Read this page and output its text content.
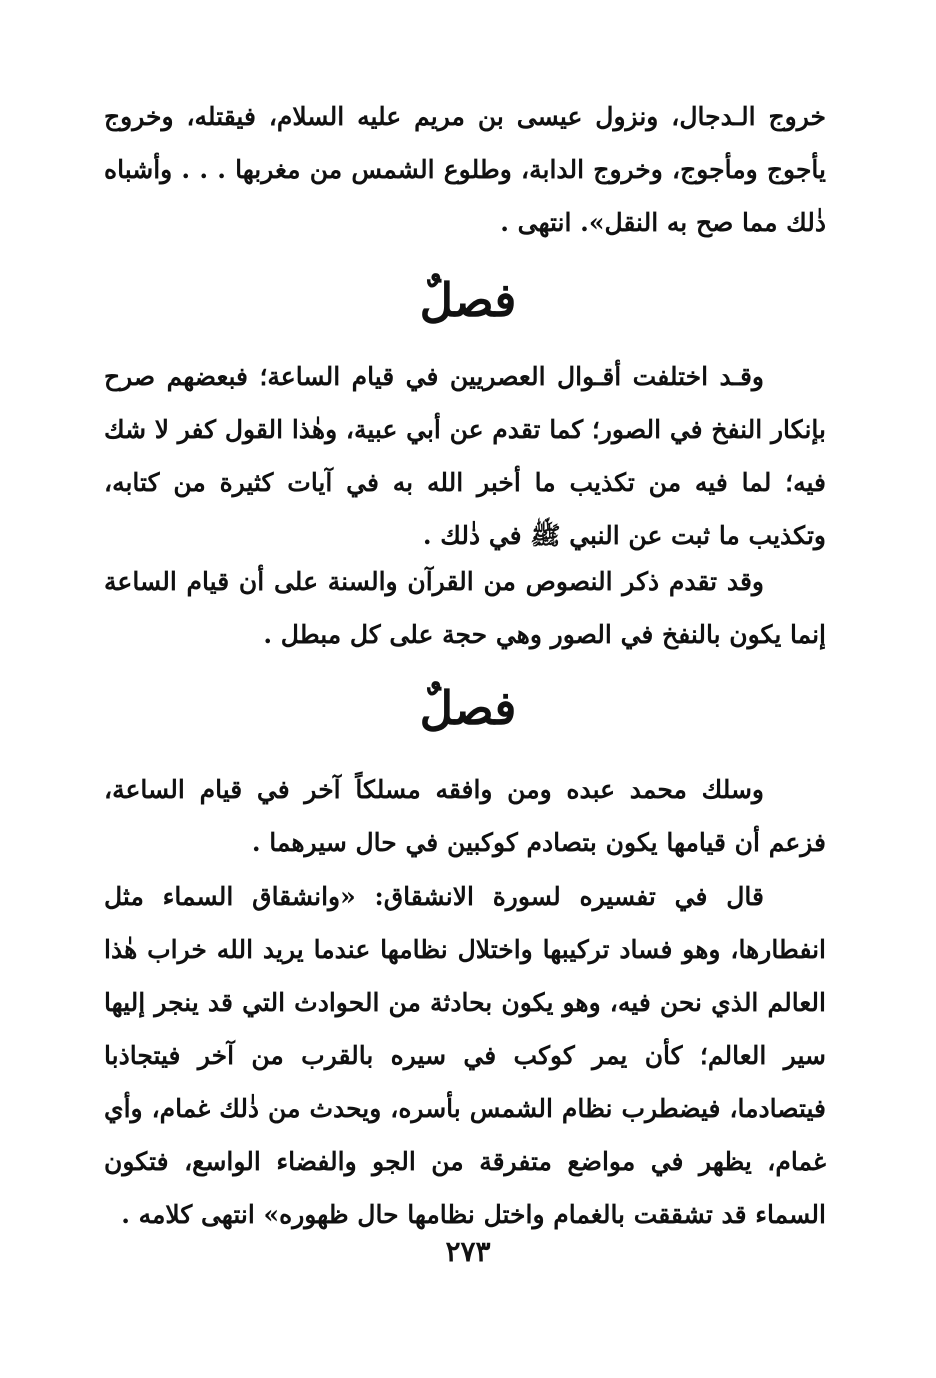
خروج الـدجال، ونزول عيسى بن مريم عليه السلام، فيقتله، وخروج يأجوج ومأجوج، وخروج الدابة، وطلوع الشمس من مغربها . . . وأشباه ذٰلك مما صح به النقل». انتهى .

فصلٌ

وقـد اختلفت أقـوال العصريين في قيام الساعة؛ فبعضهم صرح بإنكار النفخ في الصور؛ كما تقدم عن أبي عبية، وهٰذا القول كفر لا شك فيه؛ لما فيه من تكذيب ما أخبر الله به في آيات كثيرة من كتابه، وتكذيب ما ثبت عن النبي ﷺ في ذٰلك .

وقد تقدم ذكر النصوص من القرآن والسنة على أن قيام الساعة إنما يكون بالنفخ في الصور وهي حجة على كل مبطل .

فصلٌ

وسلك محمد عبده ومن وافقه مسلكاً آخر في قيام الساعة، فزعم أن قيامها يكون بتصادم كوكبين في حال سيرهما .

قال في تفسيره لسورة الانشقاق: «وانشقاق السماء مثل انفطارها، وهو فساد تركيبها واختلال نظامها عندما يريد الله خراب هٰذا العالم الذي نحن فيه، وهو يكون بحادثة من الحوادث التي قد ينجر إليها سير العالم؛ كأن يمر كوكب في سيره بالقرب من آخر فيتجاذبا فيتصادما، فيضطرب نظام الشمس بأسره، ويحدث من ذٰلك غمام، وأي غمام، يظهر في مواضع متفرقة من الجو والفضاء الواسع، فتكون السماء قد تشققت بالغمام واختل نظامها حال ظهوره» انتهى كلامه .

٢٧٣
